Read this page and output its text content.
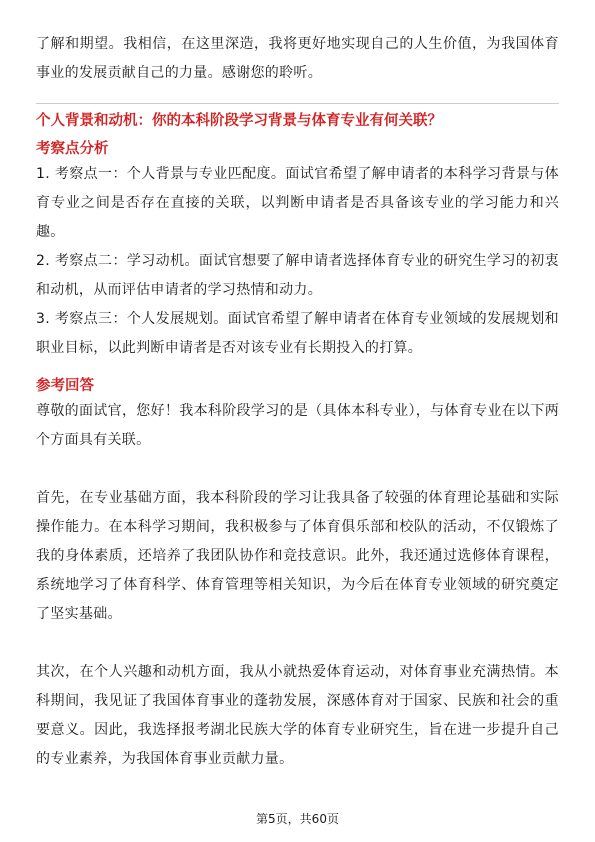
了解和期望。我相信，在这里深造，我将更好地实现自己的人生价值，为我国体育事业的发展贡献自己的力量。感谢您的聆听。

个人背景和动机：你的本科阶段学习背景与体育专业有何关联？

考察点分析

1. 考察点一：个人背景与专业匹配度。面试官希望了解申请者的本科学习背景与体育专业之间是否存在直接的关联，以判断申请者是否具备该专业的学习能力和兴趣。

2. 考察点二：学习动机。面试官想要了解申请者选择体育专业的研究生学习的初衷和动机，从而评估申请者的学习热情和动力。

3. 考察点三：个人发展规划。面试官希望了解申请者在体育专业领域的发展规划和职业目标，以此判断申请者是否对该专业有长期投入的打算。

参考回答

尊敬的面试官，您好！我本科阶段学习的是（具体本科专业），与体育专业在以下两个方面具有关联。

首先，在专业基础方面，我本科阶段的学习让我具备了较强的体育理论基础和实际操作能力。在本科学习期间，我积极参与了体育俱乐部和校队的活动，不仅锻炼了我的身体素质，还培养了我团队协作和竞技意识。此外，我还通过选修体育课程，系统地学习了体育科学、体育管理等相关知识，为今后在体育专业领域的研究奠定了坚实基础。

其次，在个人兴趣和动机方面，我从小就热爱体育运动，对体育事业充满热情。本科期间，我见证了我国体育事业的蓬勃发展，深感体育对于国家、民族和社会的重要意义。因此，我选择报考湖北民族大学的体育专业研究生，旨在进一步提升自己的专业素养，为我国体育事业贡献力量。

第5页，共60页
